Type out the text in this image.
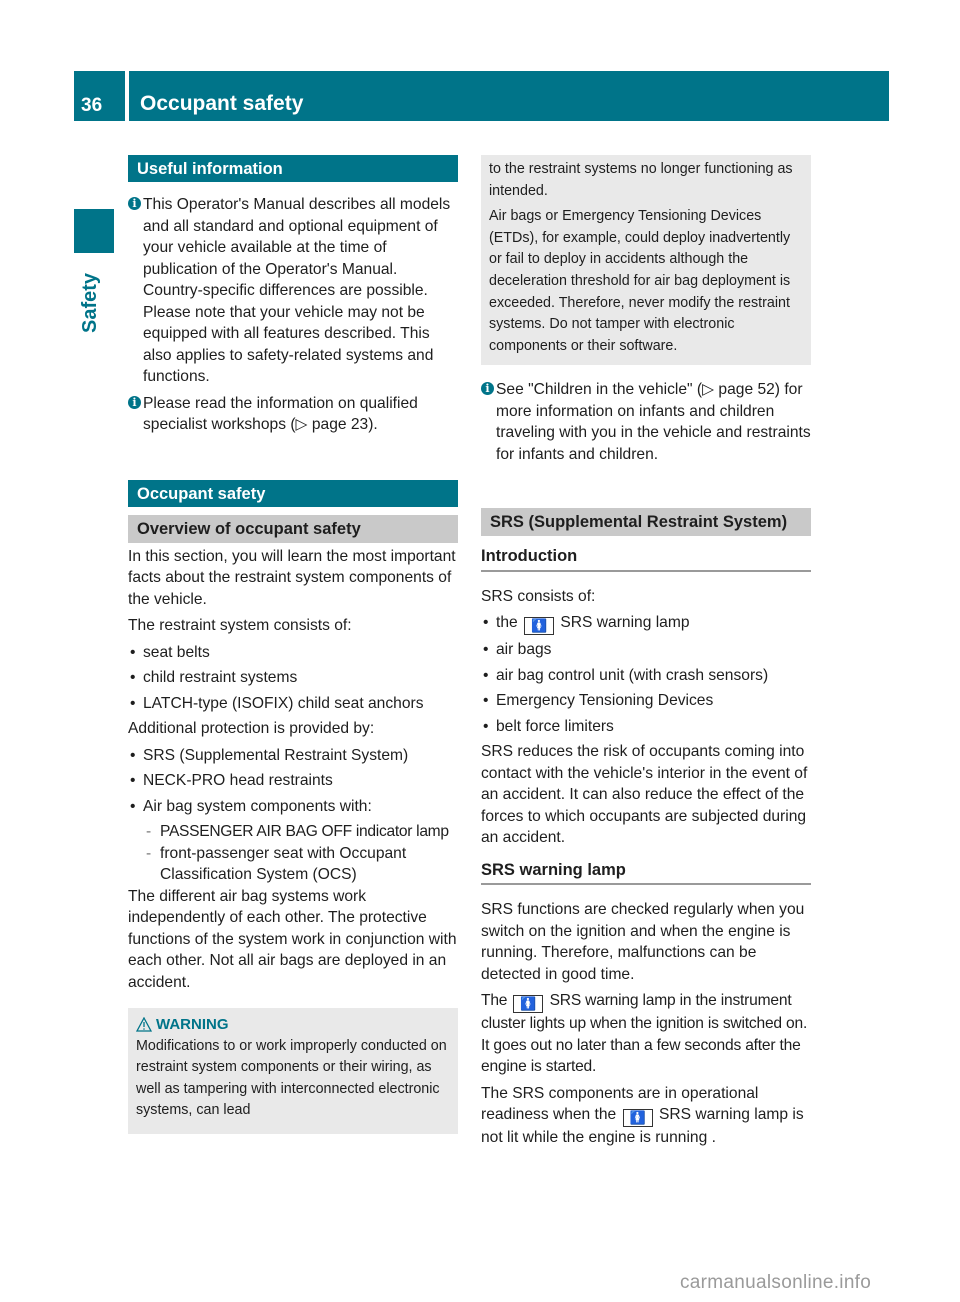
36	Occupant safety
Safety
Useful information

i This Operator's Manual describes all models and all standard and optional equipment of your vehicle available at the time of publication of the Operator's Manual. Country-specific differences are possible. Please note that your vehicle may not be equipped with all features described. This also applies to safety-related systems and functions.

i Please read the information on qualified specialist workshops (▷ page 23).

Occupant safety
Overview of occupant safety

In this section, you will learn the most important facts about the restraint system components of the vehicle.

The restraint system consists of:

• seat belts
• child restraint systems
• LATCH-type (ISOFIX) child seat anchors

Additional protection is provided by:

• SRS (Supplemental Restraint System)
• NECK-PRO head restraints
• Air bag system components with:
- PASSENGER AIR BAG OFF indicator lamp
- front-passenger seat with Occupant Classification System (OCS)

The different air bag systems work independently of each other. The protective functions of the system work in conjunction with each other. Not all air bags are deployed in an accident.

WARNING

Modifications to or work improperly conducted on restraint system components or their wiring, as well as tampering with interconnected electronic systems, can lead

to the restraint systems no longer functioning as intended.

Air bags or Emergency Tensioning Devices (ETDs), for example, could deploy inadvertently or fail to deploy in accidents although the deceleration threshold for air bag deployment is exceeded. Therefore, never modify the restraint systems. Do not tamper with electronic components or their software.

i See "Children in the vehicle" (▷ page 52) for more information on infants and children traveling with you in the vehicle and restraints for infants and children.

SRS (Supplemental Restraint System)
Introduction

SRS consists of:

• the 🚺 SRS warning lamp
• air bags
• air bag control unit (with crash sensors)
• Emergency Tensioning Devices
• belt force limiters

SRS reduces the risk of occupants coming into contact with the vehicle's interior in the event of an accident. It can also reduce the effect of the forces to which occupants are subjected during an accident.

SRS warning lamp

SRS functions are checked regularly when you switch on the ignition and when the engine is running. Therefore, malfunctions can be detected in good time.

The 🚺 SRS warning lamp in the instrument cluster lights up when the ignition is switched on. It goes out no later than a few seconds after the engine is started.

The SRS components are in operational readiness when the 🚺 SRS warning lamp is not lit while the engine is running .

carmanualsonline.info
